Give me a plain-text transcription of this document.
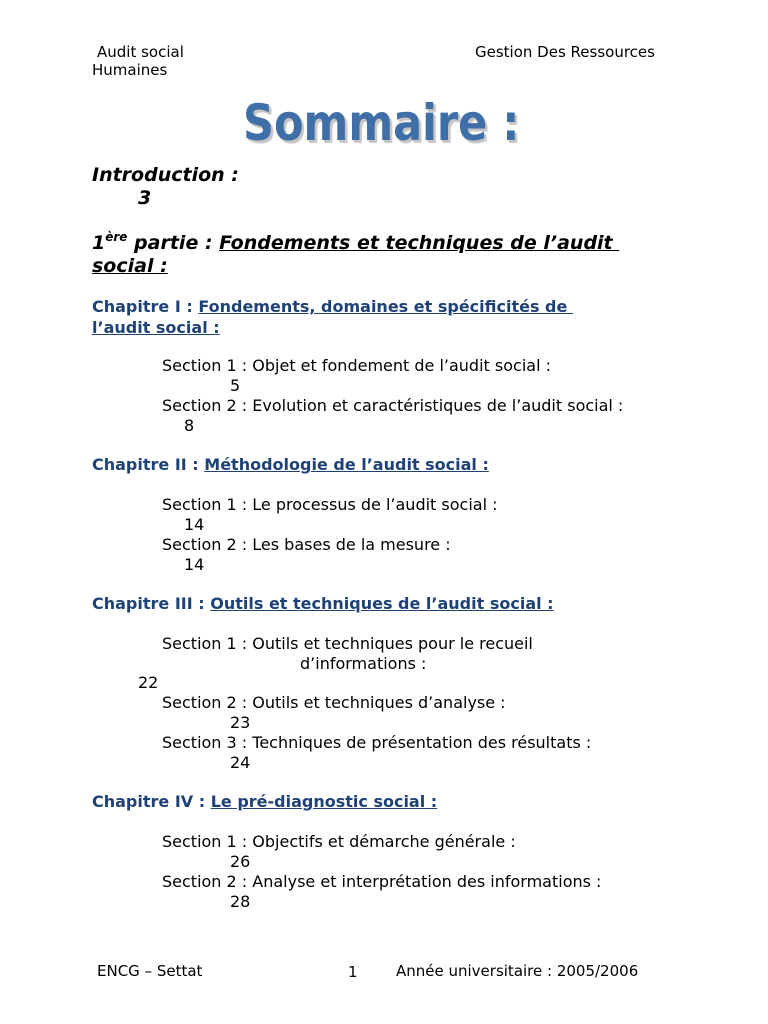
Audit social
Humaines
Gestion Des Ressources
Sommaire :
Introduction :
3
1ère partie : Fondements et techniques de l’audit
social :
Chapitre I : Fondements, domaines et spécificités de
l’audit social :
Section 1 : Objet et fondement de l’audit social :
5
Section 2 : Evolution et caractéristiques de l’audit social :
8
Chapitre II : Méthodologie de l’audit social :
Section 1 : Le processus de l’audit social :
14
Section 2 : Les bases de la mesure :
14
Chapitre III : Outils et techniques de l’audit social :
Section 1 : Outils et techniques pour le recueil
d’informations :
22
Section 2 : Outils et techniques d’analyse :
23
Section 3 : Techniques de présentation des résultats :
24
Chapitre IV : Le pré-diagnostic social :
Section 1 : Objectifs et démarche générale :
26
Section 2 : Analyse et interprétation des informations :
28
ENCG – Settat	1	Année universitaire : 2005/2006
